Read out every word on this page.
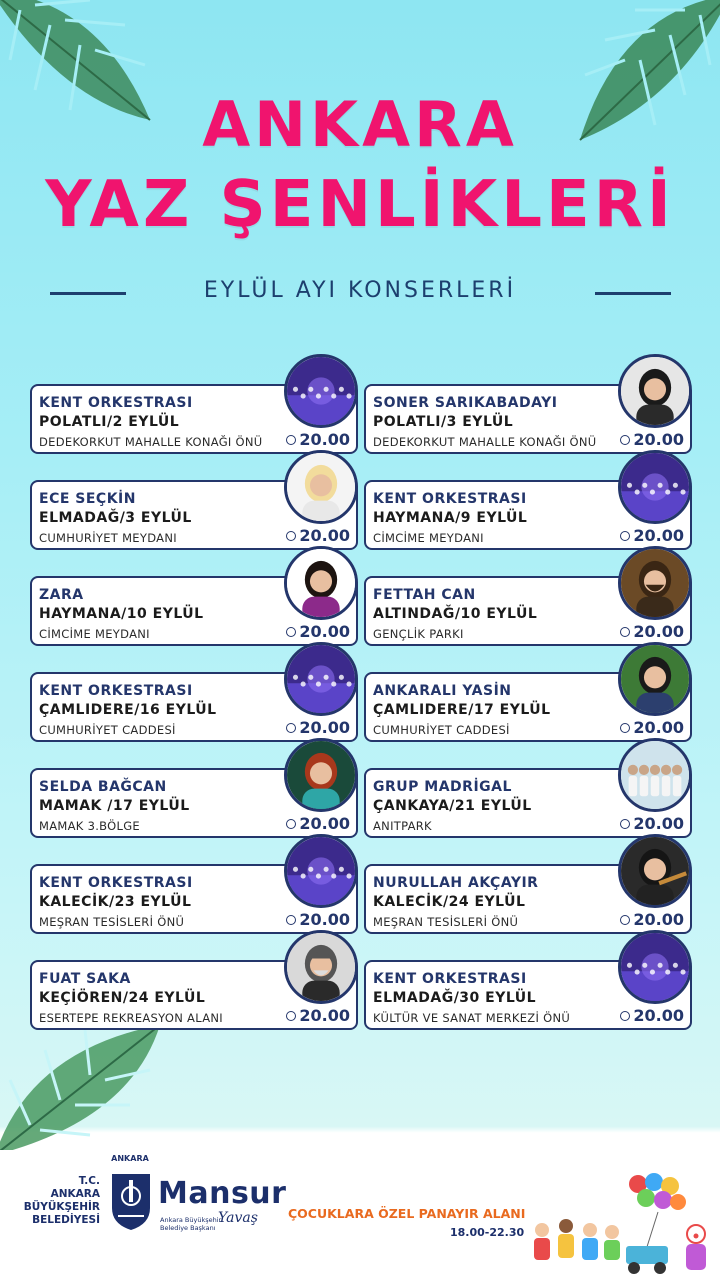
ANKARA
YAZ ŞENLİKLERİ
EYLÜL AYI KONSERLERİ
KENT ORKESTRASI
POLATLI/2 EYLÜL
DEDEKORKUT MAHALLE KONAĞI ÖNÜ 20.00
ECE SEÇKİN
ELMADAĞ/3 EYLÜL
CUMHURİYET MEYDANI	20.00
ZARA
HAYMANA/10 EYLÜL
CİMCİME MEYDANI	20.00
KENT ORKESTRASI
ÇAMLIDERE/16 EYLÜL
CUMHURİYET CADDESİ	20.00
SELDA BAĞCAN
MAMAK /17 EYLÜL
MAMAK 3.BÖLGE	20.00
KENT ORKESTRASI
KALECİK/23 EYLÜL
MEŞRAN TESİSLERİ ÖNÜ	20.00
FUAT SAKA
KEÇİÖREN/24 EYLÜL
ESERTEPE REKREASYON ALANI	20.00
SONER SARIKABADAYI
POLATLI/3 EYLÜL
DEDEKORKUT MAHALLE KONAĞI ÖNÜ 20.00
KENT ORKESTRASI
HAYMANA/9 EYLÜL
CİMCİME MEYDANI	20.00
FETTAH CAN
ALTINDAĞ/10 EYLÜL
GENÇLİK PARKI	20.00
ANKARALI YASİN
ÇAMLIDERE/17 EYLÜL
CUMHURİYET CADDESİ	20.00
GRUP MADRİGAL
ÇANKAYA/21 EYLÜL
ANITPARK	20.00
NURULLAH AKÇAYIR
KALECİK/24 EYLÜL
MEŞRAN TESİSLERİ ÖNÜ	20.00
KENT ORKESTRASI
ELMADAĞ/30 EYLÜL
KÜLTÜR VE SANAT MERKEZİ ÖNÜ	20.00
T.C.
ANKARA
BÜYÜKŞEHİR
BELEDİYESİ
ANKARA
Mansur
Ankara Büyükşehir Belediye Başkanı
Yavaş ÇOCUKLARA ÖZEL PANAYIR ALANI
18.00-22.30
